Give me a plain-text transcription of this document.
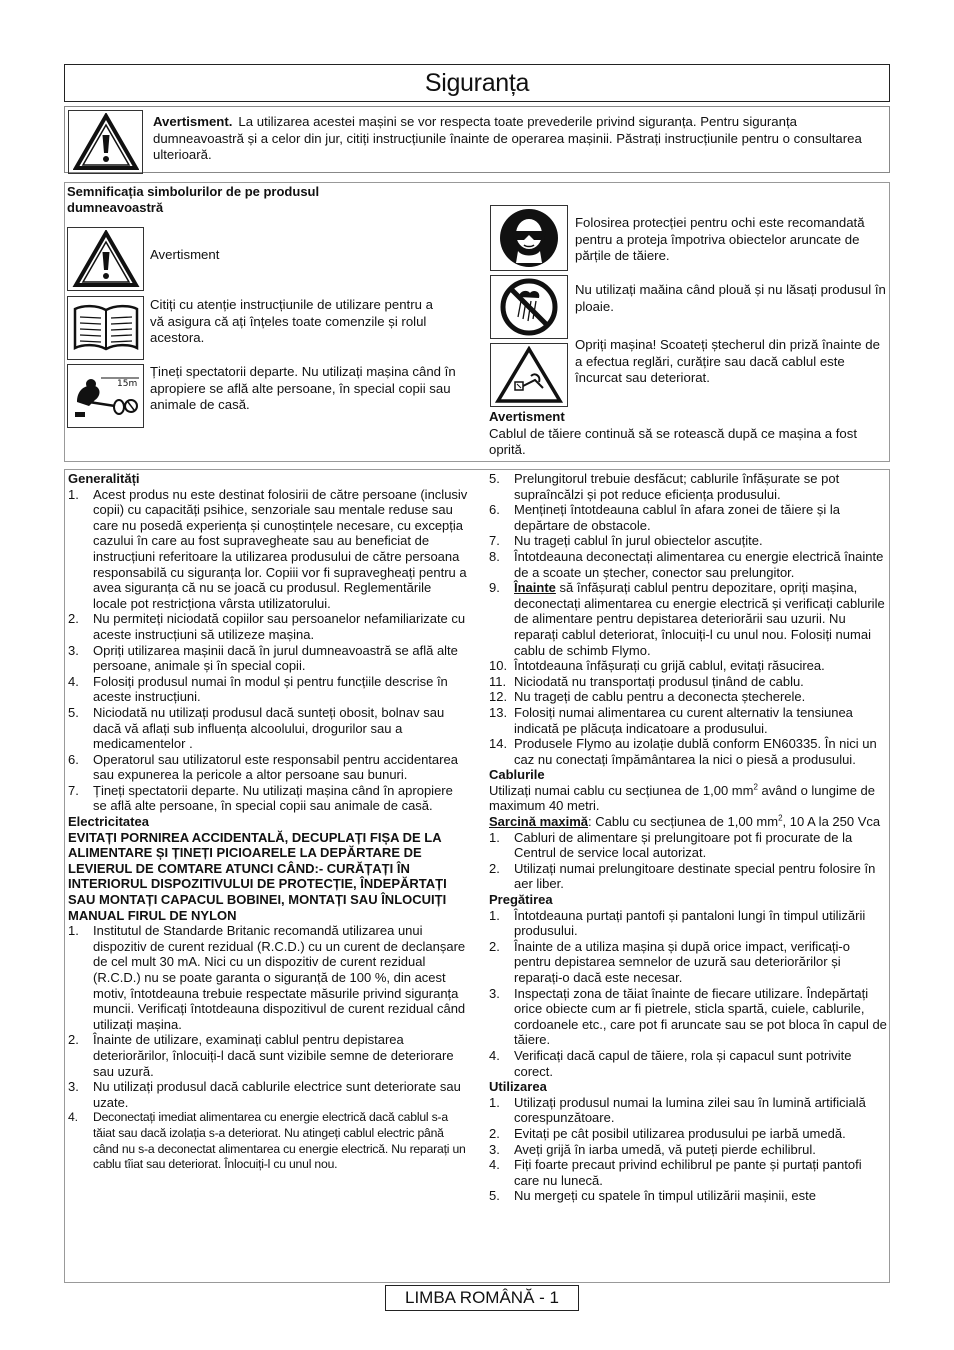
Siguranța
Avertisment. La utilizarea acestei mașini se vor respecta toate prevederile privind siguranța. Pentru siguranța dumneavoastră și a celor din jur, citiți instrucțiunile înainte de operarea mașinii. Păstrați instrucțiunile pentru o consultarea ulterioară.
Semnificația simbolurilor de pe produsul dumneavoastră
Avertisment
Citiți cu atenție instrucțiunile de utilizare pentru a vă asigura că ați înțeles toate comenzile și rolul acestora.
15m
Țineți spectatorii departe. Nu utilizați mașina când în apropiere se află alte persoane, în special copii sau animale de casă.
Folosirea protecției pentru ochi este recomandată pentru a proteja împotriva obiectelor aruncate de părțile de tăiere.
Nu utilizați maăina când plouă și nu lăsați produsul în ploaie.
Opriți mașina! Scoateți ștecherul din priză înainte de a efectua reglări, curățire sau dacă cablul este încurcat sau deteriorat.
Avertisment
Cablul de tăiere continuă să se rotească după ce mașina a fost oprită.
Generalități
1.	Acest produs nu este destinat folosirii de către persoane (inclusiv copii) cu capacități psihice, senzoriale sau mentale reduse sau care nu posedă experiența și cunoștințele necesare, cu excepția cazului în care au fost supravegheate sau au beneficiat de instrucțiuni referitoare la utilizarea produsului de către persoana responsabilă cu siguranța lor. Copiii vor fi supravegheați pentru a avea siguranța că nu se joacă cu produsul. Reglementările locale pot restricționa vârsta utilizatorului.
2.	Nu permiteți niciodată copiilor sau persoanelor nefamiliarizate cu aceste instrucțiuni să utilizeze mașina.
3.	Opriți utilizarea mașinii dacă în jurul dumneavoastră se află alte persoane, animale și în special copii.
4.	Folosiți produsul numai în modul și pentru funcțiile descrise în aceste instrucțiuni.
5.	Niciodată nu utilizați produsul dacă sunteți obosit, bolnav sau dacă vă aflați sub influența alcoolului, drogurilor sau a medicamentelor .
6.	Operatorul sau utilizatorul este responsabil pentru accidentarea sau expunerea la pericole a altor persoane sau bunuri.
7.	Țineți spectatorii departe. Nu utilizați mașina când în apropiere se află alte persoane, în special copii sau animale de casă.
Electricitatea
EVITAȚI PORNIREA ACCIDENTALĂ, DECUPLAȚI FIȘA DE LA ALIMENTARE ȘI ȚINEȚI PICIOARELE LA DEPĂRTARE DE LEVIERUL DE COMTARE ATUNCI CÂND:- CURĂȚAȚI ÎN INTERIORUL DISPOZITIVULUI DE PROTECȚIE, ÎNDEPĂRTAȚI SAU MONTAȚI CAPACUL BOBINEI, MONTAȚI SAU ÎNLOCUIȚI MANUAL FIRUL DE NYLON
1.	Institutul de Standarde Britanic recomandă utilizarea unui dispozitiv de curent rezidual (R.C.D.) cu un curent de declanșare de cel mult 30 mA. Nici cu un dispozitiv de curent rezidual (R.C.D.) nu se poate garanta o siguranță de 100 %, din acest motiv, întotdeauna trebuie respectate măsurile privind siguranța muncii. Verificați întotdeauna dispozitivul de curent rezidual când utilizați mașina.
2.	Înainte de utilizare, examinați cablul pentru depistarea deteriorărilor, înlocuiți-l dacă sunt vizibile semne de deteriorare sau uzură.
3.	Nu utilizați produsul dacă cablurile electrice sunt deteriorate sau uzate.
4.	Deconectați imediat alimentarea cu energie electrică dacă cablul s-a tăiat sau dacă izolația s-a deteriorat. Nu atingeți cablul electric până când nu s-a deconectat alimentarea cu energie electrică. Nu reparați un cablu tîiat sau deteriorat. Înlocuiți-l cu unul nou.
5.	Prelungitorul trebuie desfăcut; cablurile înfășurate se pot supraîncălzi și pot reduce eficiența produsului.
6.	Mențineți întotdeauna cablul în afara zonei de tăiere și la depărtare de obstacole.
7.	Nu trageți cablul în jurul obiectelor ascuțite.
8.	Întotdeauna deconectați alimentarea cu energie electrică înainte de a scoate un ștecher, conector sau prelungitor.
9.	Înainte să înfășurați cablul pentru depozitare, opriți mașina, deconectați alimentarea cu energie electrică și verificați cablurile de alimentare pentru depistarea deteriorării sau uzurii. Nu reparați cablul deteriorat, înlocuiți-l cu unul nou. Folosiți numai cablu de schimb Flymo.
10. Întotdeauna înfășurați cu grijă cablul, evitați răsucirea.
11. Niciodată nu transportați produsul ținând de cablu.
12. Nu trageți de cablu pentru a deconecta ștecherele.
13. Folosiți numai alimentarea cu curent alternativ la tensiunea indicată pe plăcuța indicatoare a produsului.
14. Produsele Flymo au izolație dublă conform EN60335. În nici un caz nu conectați împământarea la nici o piesă a produsului.
Cablurile
Utilizați numai cablu cu secțiunea de 1,00 $mm^2$ având o lungime de maximum 40 metri.
Sarcină maximă: Cablu cu secțiunea de 1,00 $mm^2$, 10 A la 250 Vca
1.	Cabluri de alimentare și prelungitoare pot fi procurate de la Centrul de service local autorizat.
2.	Utilizați numai prelungitoare destinate special pentru folosire în aer liber.
Pregătirea
1.	Întotdeauna purtați pantofi și pantaloni lungi în timpul utilizării produsului.
2.	Înainte de a utiliza mașina și după orice impact, verificați-o pentru depistarea semnelor de uzură sau deteriorărilor și reparați-o dacă este necesar.
3.	Inspectați zona de tăiat înainte de fiecare utilizare. Îndepărtați orice obiecte cum ar fi pietrele, sticla spartă, cuiele, cablurile, cordoanele etc., care pot fi aruncate sau se pot bloca în capul de tăiere.
4.	Verificați dacă capul de tăiere, rola și capacul sunt potrivite corect.
Utilizarea
1.	Utilizați produsul numai la lumina zilei sau în lumină artificială corespunzătoare.
2.	Evitați pe cât posibil utilizarea produsului pe iarbă umedă.
3.	Aveți grijă în iarba umedă, vă puteți pierde echilibrul.
4.	Fiți foarte precaut privind echilibrul pe pante și purtați pantofi care nu lunecă.
5.	Nu mergeți cu spatele în timpul utilizării mașinii, este
LIMBA ROMÂNĂ - 1
